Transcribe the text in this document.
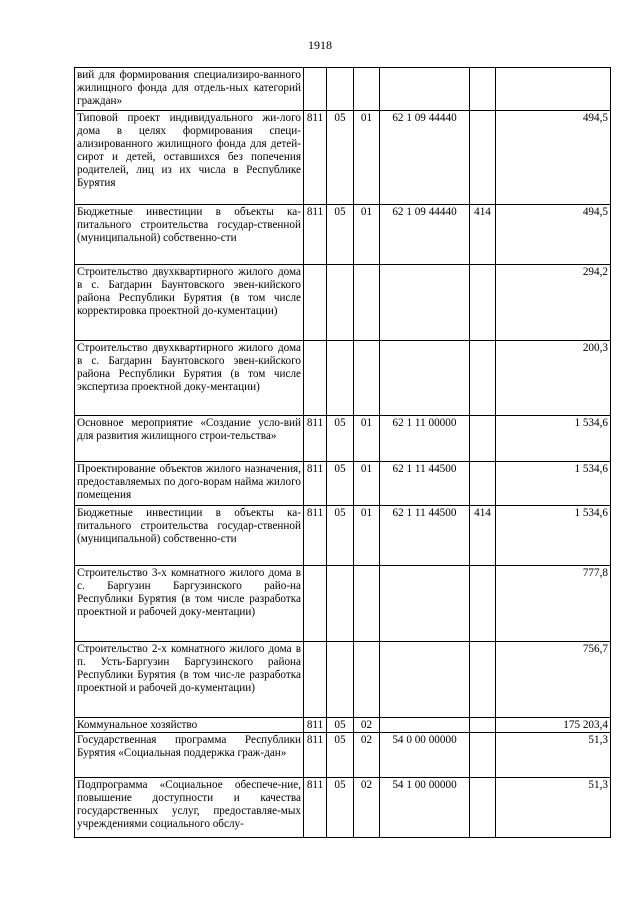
1918
вий для формирования специализиро-ванного жилищного фонда для отдель-ных категорий граждан»						
Типовой проект индивидуального жи-лого дома в целях формирования специ-ализированного жилищного фонда для детей-сирот и детей, оставшихся без попечения родителей, лиц из их числа в Республике Бурятия	811	05	01	62 1 09 44440		494,5
Бюджетные инвестиции в объекты ка-питального строительства государ-ственной (муниципальной) собственно-сти	811	05	01	62 1 09 44440	414	494,5
Строительство двухквартирного жилого дома в с. Багдарин Баунтовского эвен-кийского района Республики Бурятия (в том числе корректировка проектной до-кументации)						294,2
Строительство двухквартирного жилого дома в с. Багдарин Баунтовского эвен-кийского района Республики Бурятия (в том числе экспертиза проектной доку-ментации)						200,3
Основное мероприятие «Создание усло-вий для развития жилищного строи-тельства»	811	05	01	62 1 11 00000		1 534,6
Проектирование объектов жилого назначения, предоставляемых по дого-ворам найма жилого помещения	811	05	01	62 1 11 44500		1 534,6
Бюджетные инвестиции в объекты ка-питального строительства государ-ственной (муниципальной) собственно-сти	811	05	01	62 1 11 44500	414	1 534,6
Строительство 3-х комнатного жилого дома в с. Баргузин Баргузинского райо-на Республики Бурятия (в том числе разработка проектной и рабочей доку-ментации)						777,8
Строительство 2-х комнатного жилого дома в п. Усть-Баргузин Баргузинского района Республики Бурятия (в том чис-ле разработка проектной и рабочей до-кументации)						756,7
Коммунальное хозяйство	811	05	02			175 203,4
Государственная программа Республики Бурятия «Социальная поддержка граж-дан»	811	05	02	54 0 00 00000		51,3
Подпрограмма «Социальное обеспече-ние, повышение доступности и качества государственных услуг, предоставляе-мых учреждениями социального обслу-	811	05	02	54 1 00 00000		51,3
